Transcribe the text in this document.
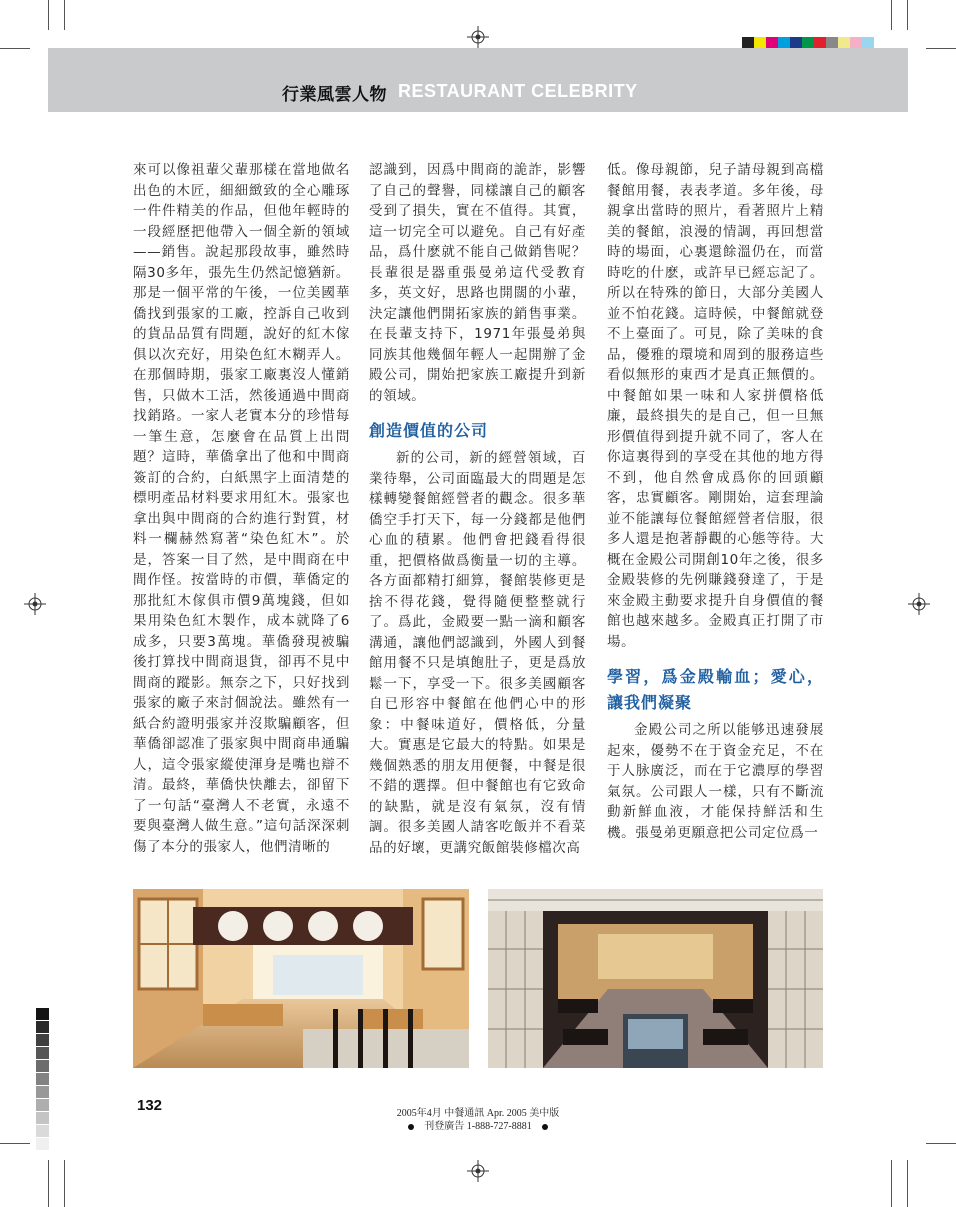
行業風雲人物 RESTAURANT CELEBRITY

來可以像祖輩父輩那樣在當地做名出色的木匠，細細緻致的全心雕琢一件件精美的作品，但他年輕時的一段經歷把他帶入一個全新的領域——銷售。說起那段故事，雖然時隔30多年，張先生仍然記憶猶新。那是一個平常的午後，一位美國華僑找到張家的工廠，控訴自己收到的貨品品質有問題，說好的紅木傢俱以次充好，用染色紅木糊弄人。在那個時期，張家工廠裏沒人懂銷售，只做木工活，然後通過中間商找銷路。一家人老實本分的珍惜每一筆生意，怎麼會在品質上出問題？這時，華僑拿出了他和中間商簽訂的合約，白紙黑字上面清楚的標明產品材料要求用紅木。張家也拿出與中間商的合約進行對質，材料一欄赫然寫著“染色紅木”。於是，答案一目了然，是中間商在中間作怪。按當時的市價，華僑定的那批紅木傢俱市價9萬塊錢，但如果用染色紅木製作，成本就降了6成多，只要3萬塊。華僑發現被騙後打算找中間商退貨，卻再不見中間商的蹤影。無奈之下，只好找到張家的廠子來討個說法。雖然有一紙合約證明張家并沒欺騙顧客，但華僑卻認准了張家與中間商串通騙人，這令張家縱使渾身是嘴也辯不清。最終，華僑快快離去，卻留下了一句話“臺灣人不老實，永遠不要與臺灣人做生意。”這句話深深刺傷了本分的張家人，他們清晰的

認識到，因爲中間商的詭詐，影響了自己的聲譽，同樣讓自己的顧客受到了損失，實在不值得。其實，這一切完全可以避免。自己有好產品，爲什麽就不能自己做銷售呢？長輩很是器重張曼弟這代受教育多，英文好，思路也開闊的小輩，決定讓他們開拓家族的銷售事業。在長輩支持下，1971年張曼弟與同族其他幾個年輕人一起開辦了金殿公司，開始把家族工廠提升到新的領域。

創造價值的公司

新的公司，新的經營領域，百業待舉，公司面臨最大的問題是怎樣轉變餐館經營者的觀念。很多華僑空手打天下，每一分錢都是他們心血的積累。他們會把錢看得很重，把價格做爲衡量一切的主導。各方面都精打細算，餐館裝修更是捨不得花錢，覺得隨便整整就行了。爲此，金殿要一點一滴和顧客溝通，讓他們認識到，外國人到餐館用餐不只是填飽肚子，更是爲放鬆一下，享受一下。很多美國顧客自已形容中餐館在他們心中的形象：中餐味道好，價格低，分量大。實惠是它最大的特點。如果是幾個熟悉的朋友用便餐，中餐是很不錯的選擇。但中餐館也有它致命的缺點，就是沒有氣氛，沒有情調。很多美國人請客吃飯并不看菜品的好壞，更講究飯館裝修檔次高

低。像母親節，兒子請母親到高檔餐館用餐，表表孝道。多年後，母親拿出當時的照片，看著照片上精美的餐館，浪漫的情調，再回想當時的場面，心裏還餘溫仍在，而當時吃的什麽，或許早已經忘記了。所以在特殊的節日，大部分美國人並不怕花錢。這時候，中餐館就登不上臺面了。可見，除了美味的食品，優雅的環境和周到的服務這些看似無形的東西才是真正無價的。中餐館如果一味和人家拼價格低廉，最終損失的是自己，但一旦無形價值得到提升就不同了，客人在你這裏得到的享受在其他的地方得不到，他自然會成爲你的回頭顧客，忠實顧客。剛開始，這套理論並不能讓每位餐館經營者信服，很多人還是抱著靜觀的心態等待。大概在金殿公司開創10年之後，很多金殿裝修的先例賺錢發達了，于是來金殿主動要求提升自身價值的餐館也越來越多。金殿真正打開了市場。

學習，爲金殿輸血；愛心，讓我們凝聚

金殿公司之所以能够迅速發展起來，優勢不在于資金充足，不在于人脉廣泛，而在于它濃厚的學習氣氛。公司跟人一樣，只有不斷流動新鮮血液，才能保持鮮活和生機。張曼弟更願意把公司定位爲一

132	2005年4月 中餐通訊 Apr. 2005 美中版
刊登廣告 1-888-727-8881
